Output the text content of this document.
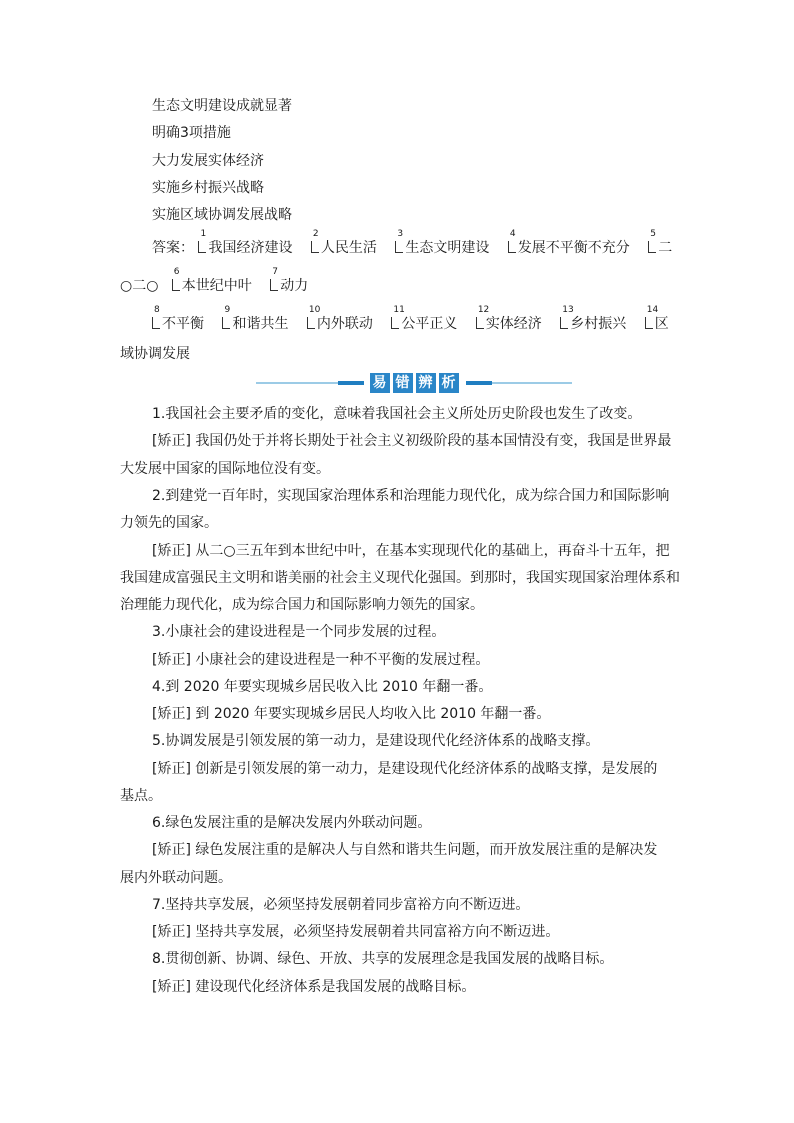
生态文明建设成就显著
明确3项措施
大力发展实体经济
实施乡村振兴战略
实施区域协调发展战略
答案：
1
我国经济建设
2
人民生活
3
生态文明建设
4
发展不平衡不充分
5
二
○二○
6
本世纪中叶
7
动力
8
不平衡
9
和谐共生
10
内外联动
11
公平正义
12
实体经济
13
乡村振兴
14
区
域协调发展
易 错 辨 析
1.我国社会主要矛盾的变化，意味着我国社会主义所处历史阶段也发生了改变。
[矫正] 我国仍处于并将长期处于社会主义初级阶段的基本国情没有变，我国是世界最
大发展中国家的国际地位没有变。
2.到建党一百年时，实现国家治理体系和治理能力现代化，成为综合国力和国际影响
力领先的国家。
[矫正] 从二○三五年到本世纪中叶，在基本实现现代化的基础上，再奋斗十五年，把
我国建成富强民主文明和谐美丽的社会主义现代化强国。到那时，我国实现国家治理体系和
治理能力现代化，成为综合国力和国际影响力领先的国家。
3.小康社会的建设进程是一个同步发展的过程。
[矫正] 小康社会的建设进程是一种不平衡的发展过程。
4.到 2020 年要实现城乡居民收入比 2010 年翻一番。
[矫正] 到 2020 年要实现城乡居民人均收入比 2010 年翻一番。
5.协调发展是引领发展的第一动力，是建设现代化经济体系的战略支撑。
[矫正] 创新是引领发展的第一动力，是建设现代化经济体系的战略支撑，是发展的
基点。
6.绿色发展注重的是解决发展内外联动问题。
[矫正] 绿色发展注重的是解决人与自然和谐共生问题，而开放发展注重的是解决发
展内外联动问题。
7.坚持共享发展，必须坚持发展朝着同步富裕方向不断迈进。
[矫正] 坚持共享发展，必须坚持发展朝着共同富裕方向不断迈进。
8.贯彻创新、协调、绿色、开放、共享的发展理念是我国发展的战略目标。
[矫正] 建设现代化经济体系是我国发展的战略目标。
